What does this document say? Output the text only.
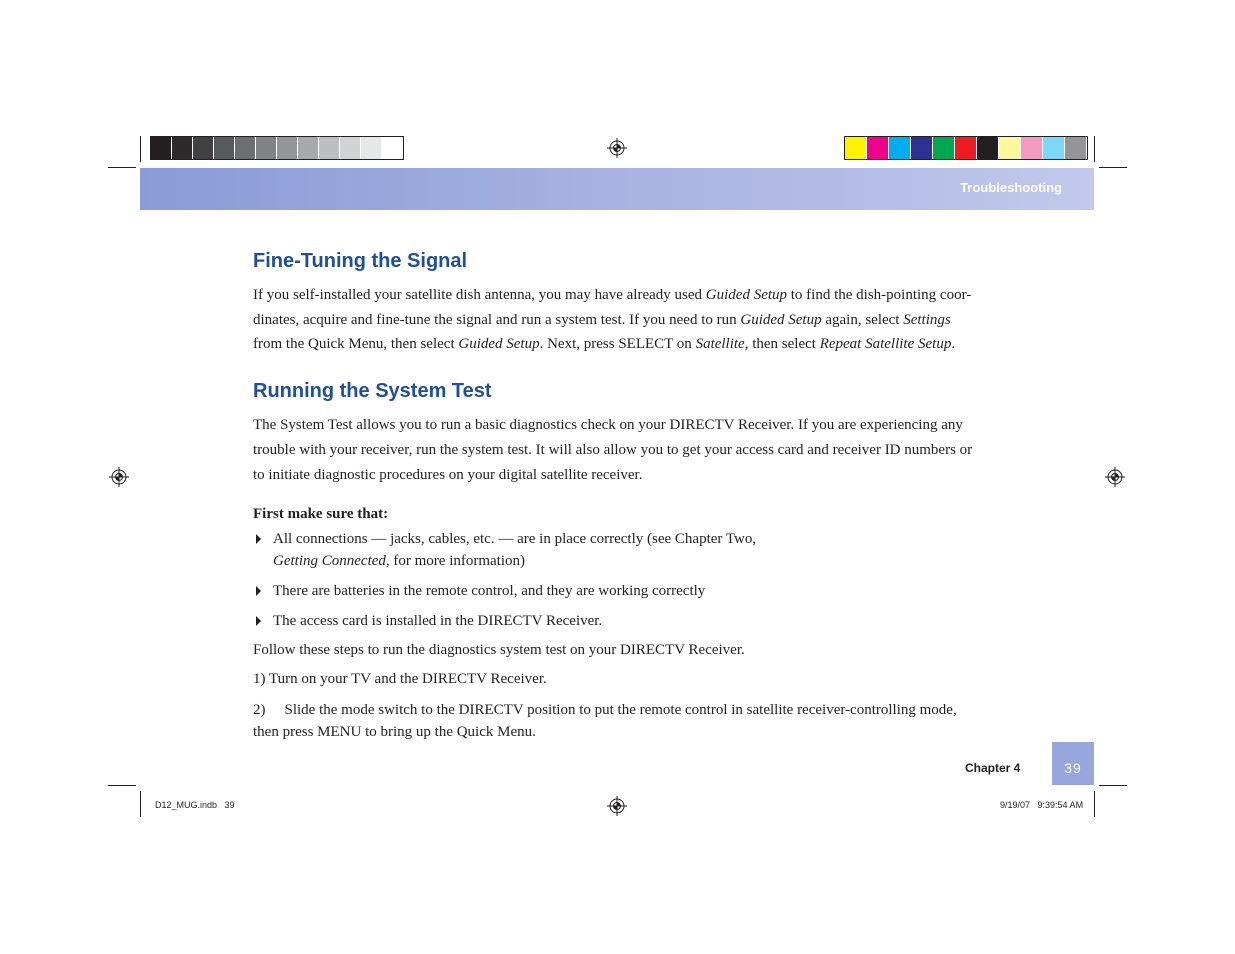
Troubleshooting
Fine-Tuning the Signal

If you self-installed your satellite dish antenna, you may have already used Guided Setup to find the dish-pointing coor-
dinates, acquire and fine-tune the signal and run a system test. If you need to run Guided Setup again, select Settings
from the Quick Menu, then select Guided Setup. Next, press SELECT on Satellite, then select Repeat Satellite Setup.

Running the System Test

The System Test allows you to run a basic diagnostics check on your DIRECTV Receiver. If you are experiencing any
trouble with your receiver, run the system test. It will also allow you to get your access card and receiver ID numbers or
to initiate diagnostic procedures on your digital satellite receiver.

First make sure that:
All connections — jacks, cables, etc. — are in place correctly (see Chapter Two,
Getting Connected, for more information)
There are batteries in the remote control, and they are working correctly
The access card is installed in the DIRECTV Receiver.
Follow these steps to run the diagnostics system test on your DIRECTV Receiver.
1) Turn on your TV and the DIRECTV Receiver.
2) Slide the mode switch to the DIRECTV position to put the remote control in satellite receiver-controlling mode,
then press MENU to bring up the Quick Menu.
Chapter 4	39
D12_MUG.indb   39	9/19/07   9:39:54 AM
